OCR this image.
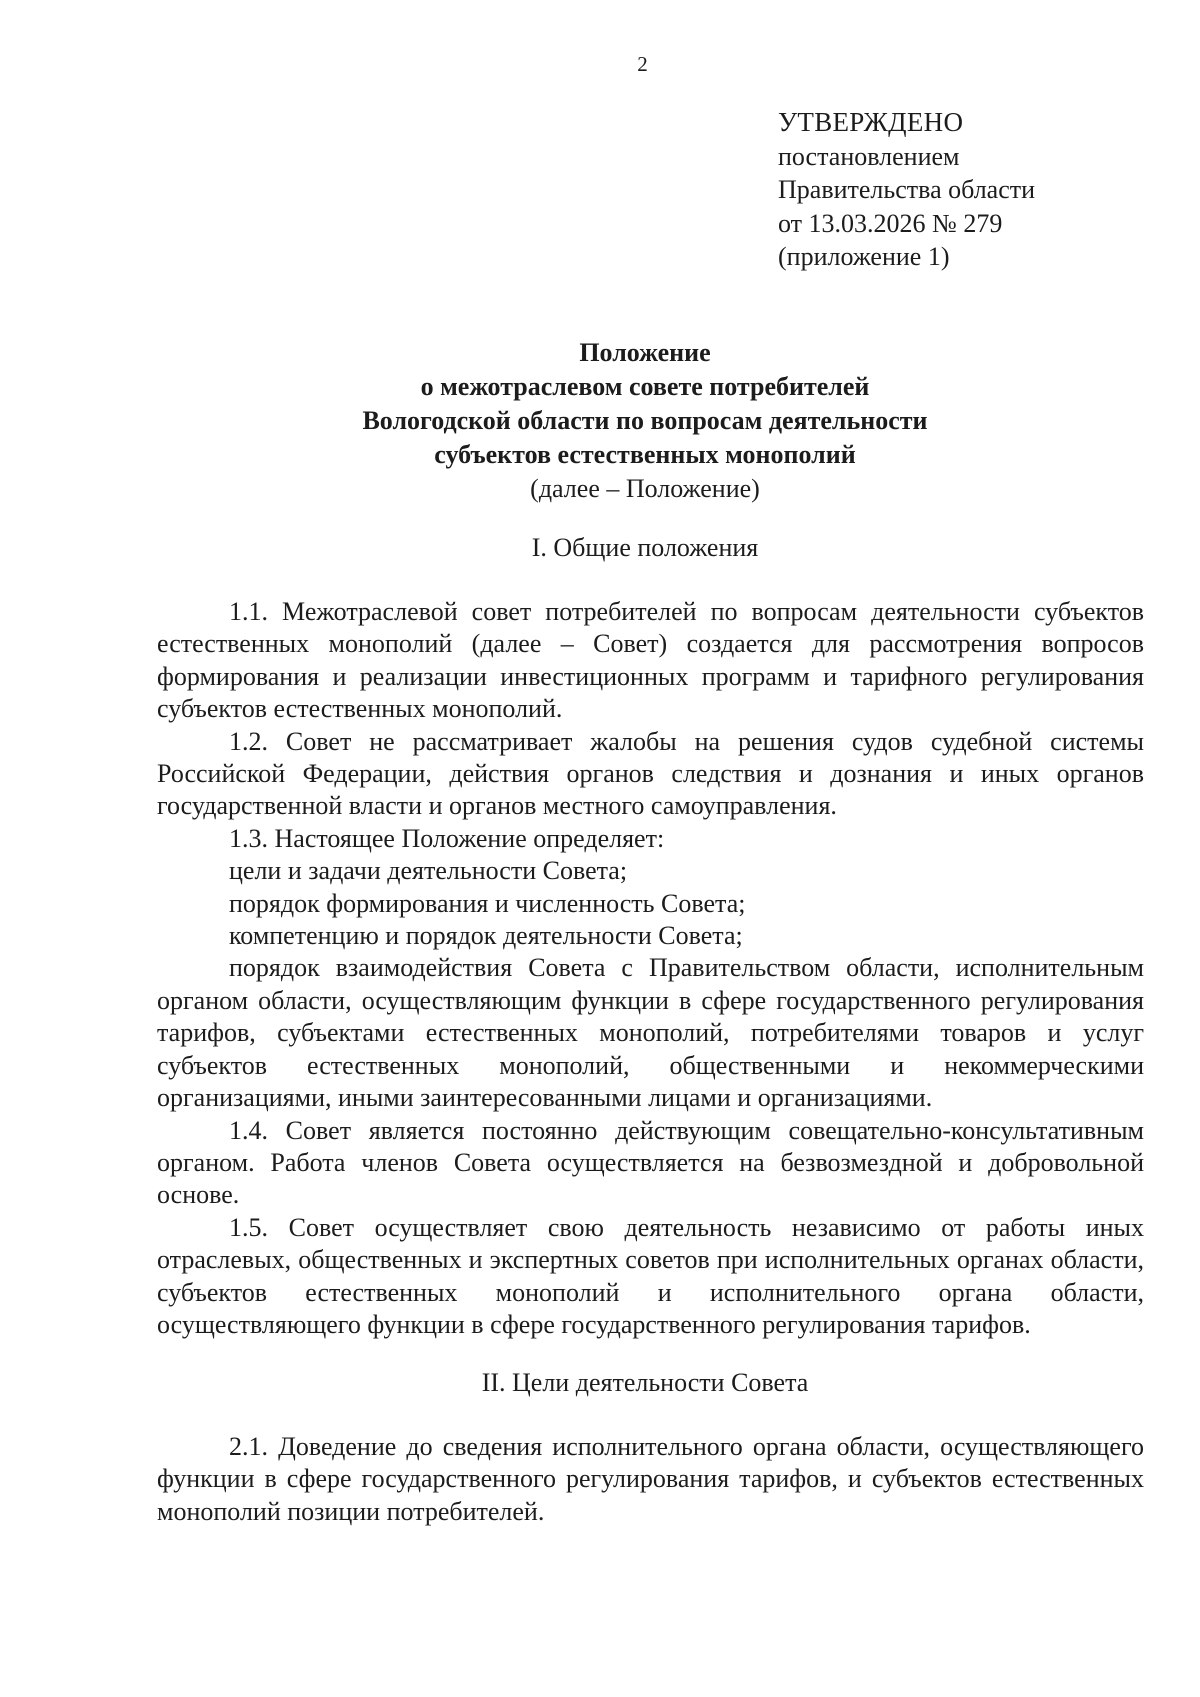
2
УТВЕРЖДЕНО
постановлением
Правительства области
от 13.03.2026 № 279
(приложение 1)
Положение
о межотраслевом совете потребителей
Вологодской области по вопросам деятельности
субъектов естественных монополий
(далее – Положение)
I. Общие положения

1.1. Межотраслевой совет потребителей по вопросам деятельности субъектов естественных монополий (далее – Совет) создается для рассмотрения вопросов формирования и реализации инвестиционных программ и тарифного регулирования субъектов естественных монополий.

1.2. Совет не рассматривает жалобы на решения судов судебной системы Российской Федерации, действия органов следствия и дознания и иных органов государственной власти и органов местного самоуправления.

1.3. Настоящее Положение определяет:

цели и задачи деятельности Совета;

порядок формирования и численность Совета;

компетенцию и порядок деятельности Совета;

порядок взаимодействия Совета с Правительством области, исполнительным органом области, осуществляющим функции в сфере государственного регулирования тарифов, субъектами естественных монополий, потребителями товаров и услуг субъектов естественных монополий, общественными и некоммерческими организациями, иными заинтересованными лицами и организациями.

1.4. Совет является постоянно действующим совещательно-консультативным органом. Работа членов Совета осуществляется на безвозмездной и добровольной основе.

1.5. Совет осуществляет свою деятельность независимо от работы иных отраслевых, общественных и экспертных советов при исполнительных органах области, субъектов естественных монополий и исполнительного органа области, осуществляющего функции в сфере государственного регулирования тарифов.

II. Цели деятельности Совета

2.1. Доведение до сведения исполнительного органа области, осуществляющего функции в сфере государственного регулирования тарифов, и субъектов естественных монополий позиции потребителей.
